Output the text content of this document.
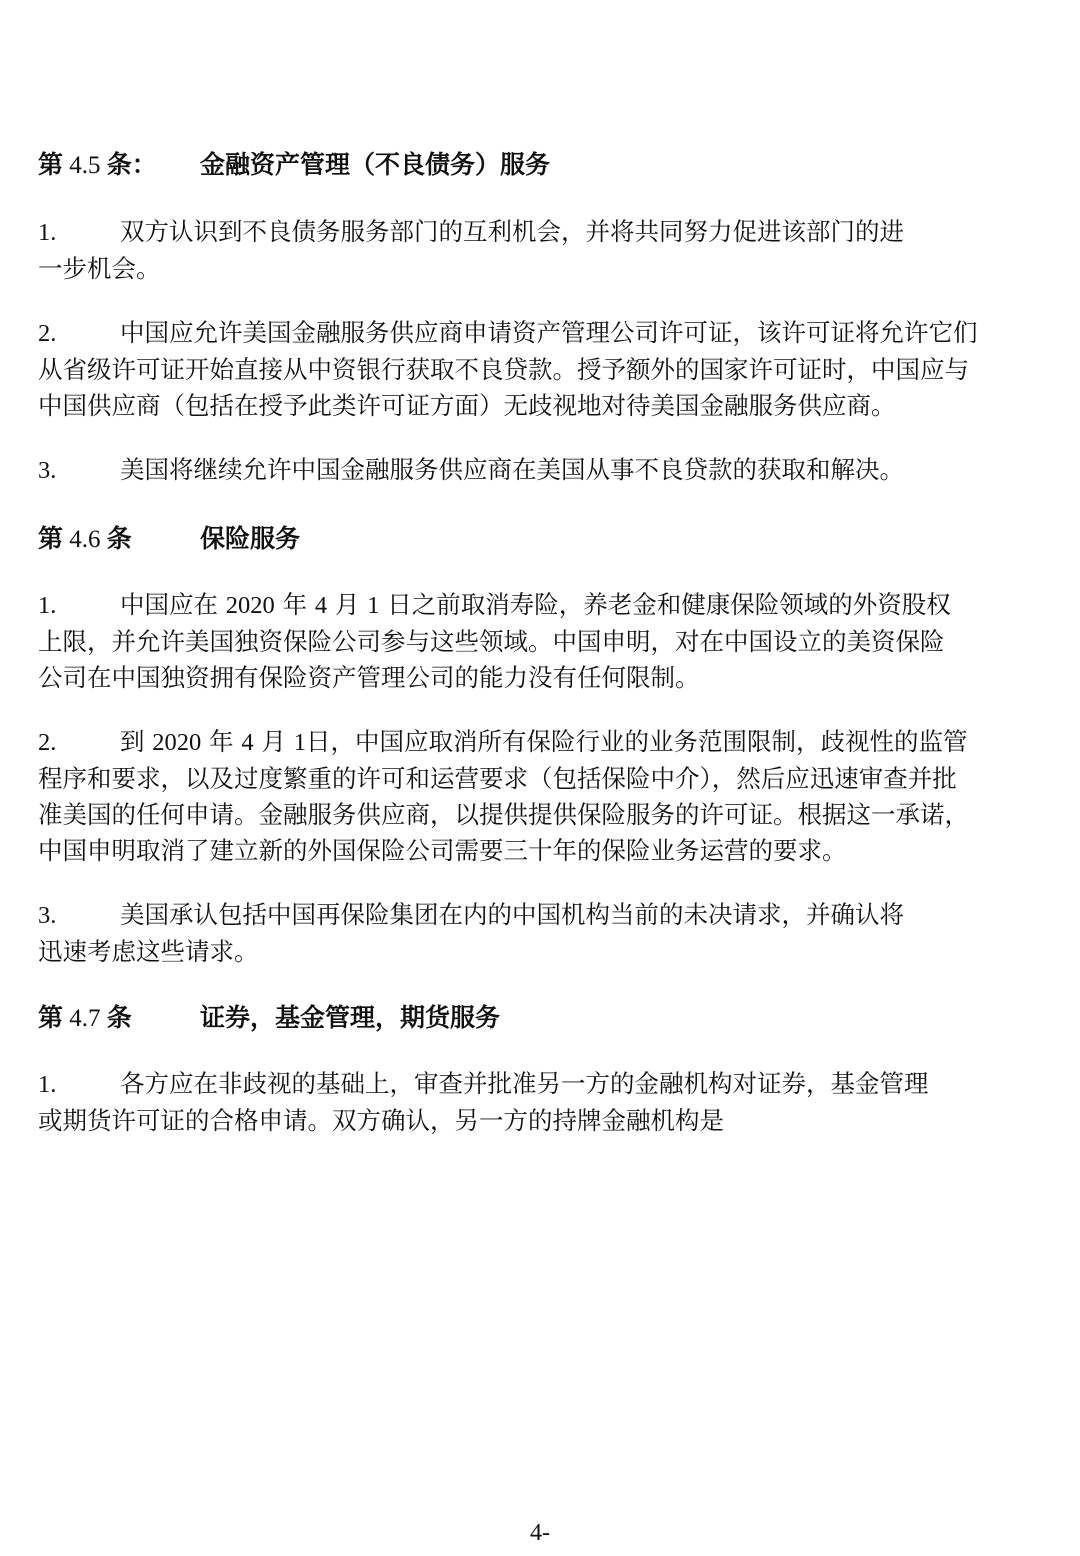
第 4.5 条： 金融资产管理（不良债务）服务
1.	双方认识到不良债务服务部门的互利机会，并将共同努力促进该部门的进
一步机会。
2.	中国应允许美国金融服务供应商申请资产管理公司许可证，该许可证将允许它们
从省级许可证开始直接从中资银行获取不良贷款。授予额外的国家许可证时，中国应与
中国供应商（包括在授予此类许可证方面）无歧视地对待美国金融服务供应商。
3.	美国将继续允许中国金融服务供应商在美国从事不良贷款的获取和解决。
第 4.6 条	保险服务
1.	中国应在 2020 年 4 月 1 日之前取消寿险，养老金和健康保险领域的外资股权
上限，并允许美国独资保险公司参与这些领域。中国申明，对在中国设立的美资保险
公司在中国独资拥有保险资产管理公司的能力没有任何限制。
2.	到 2020 年 4 月 1日，中国应取消所有保险行业的业务范围限制，歧视性的监管
程序和要求，以及过度繁重的许可和运营要求（包括保险中介），然后应迅速审查并批
准美国的任何申请。金融服务供应商，以提供提供保险服务的许可证。根据这一承诺，
中国申明取消了建立新的外国保险公司需要三十年的保险业务运营的要求。
3.	美国承认包括中国再保险集团在内的中国机构当前的未决请求，并确认将
迅速考虑这些请求。
第 4.7 条	证券，基金管理，期货服务
1.	各方应在非歧视的基础上，审查并批准另一方的金融机构对证券，基金管理
或期货许可证的合格申请。双方确认，另一方的持牌金融机构是
4-
